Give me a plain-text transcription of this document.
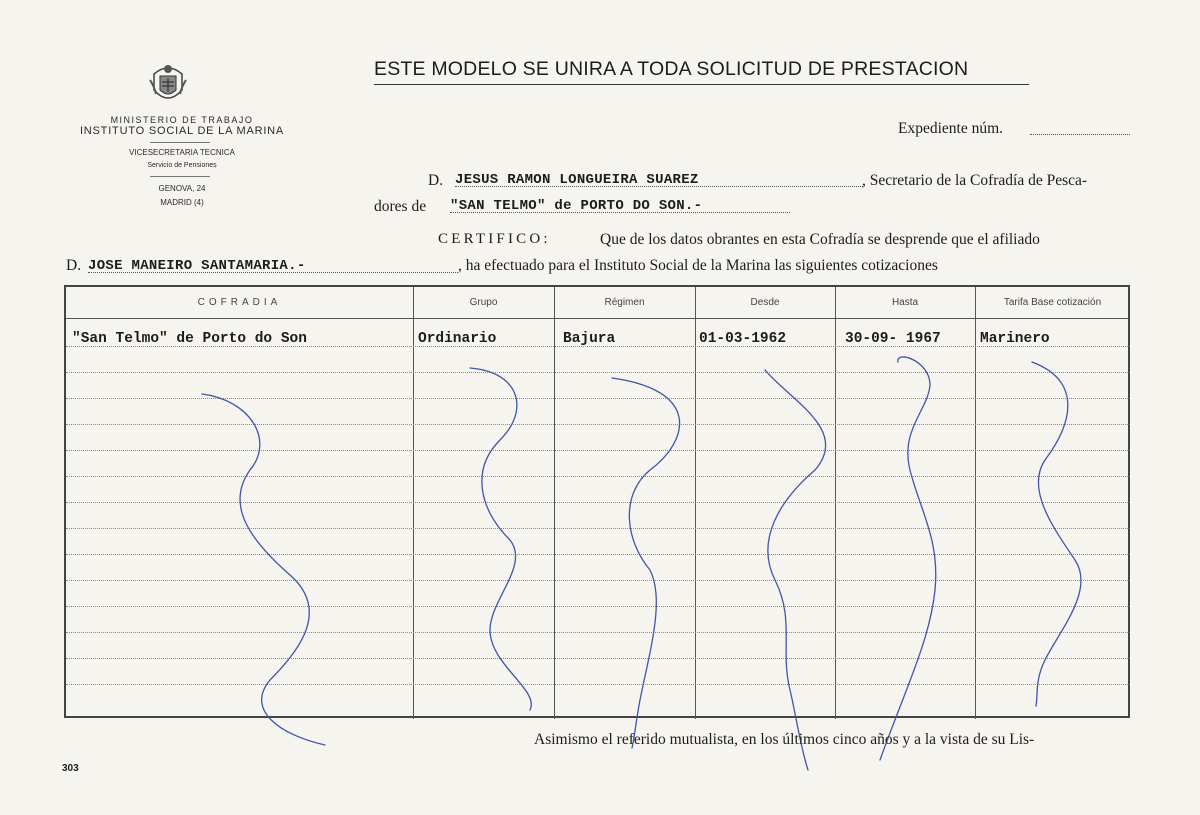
MINISTERIO DE TRABAJO
INSTITUTO SOCIAL DE LA MARINA
VICESECRETARIA TECNICA
Servicio de Pensiones
GENOVA, 24
MADRID (4)
ESTE MODELO SE UNIRA A TODA SOLICITUD DE PRESTACION
Expediente núm.
D. JESUS RAMON LONGUEIRA SUAREZ	, Secretario de la Cofradía de Pesca-
dores de "SAN TELMO" de PORTO DO SON.-
CERTIFICO:	Que de los datos obrantes en esta Cofradía se desprende que el afiliado
D. JOSE MANEIRO SANTAMARIA.-	, ha efectuado para el Instituto Social de la Marina las siguientes cotizaciones
COFRADIA	Grupo	Régimen	Desde	Hasta	Tarifa Base cotización
"San Telmo" de Porto do Son	Ordinario	Bajura	01-03-1962	30-09- 1967	Marinero
Asimismo el referido mutualista, en los últimos cinco años y a la vista de su Lis-
303
